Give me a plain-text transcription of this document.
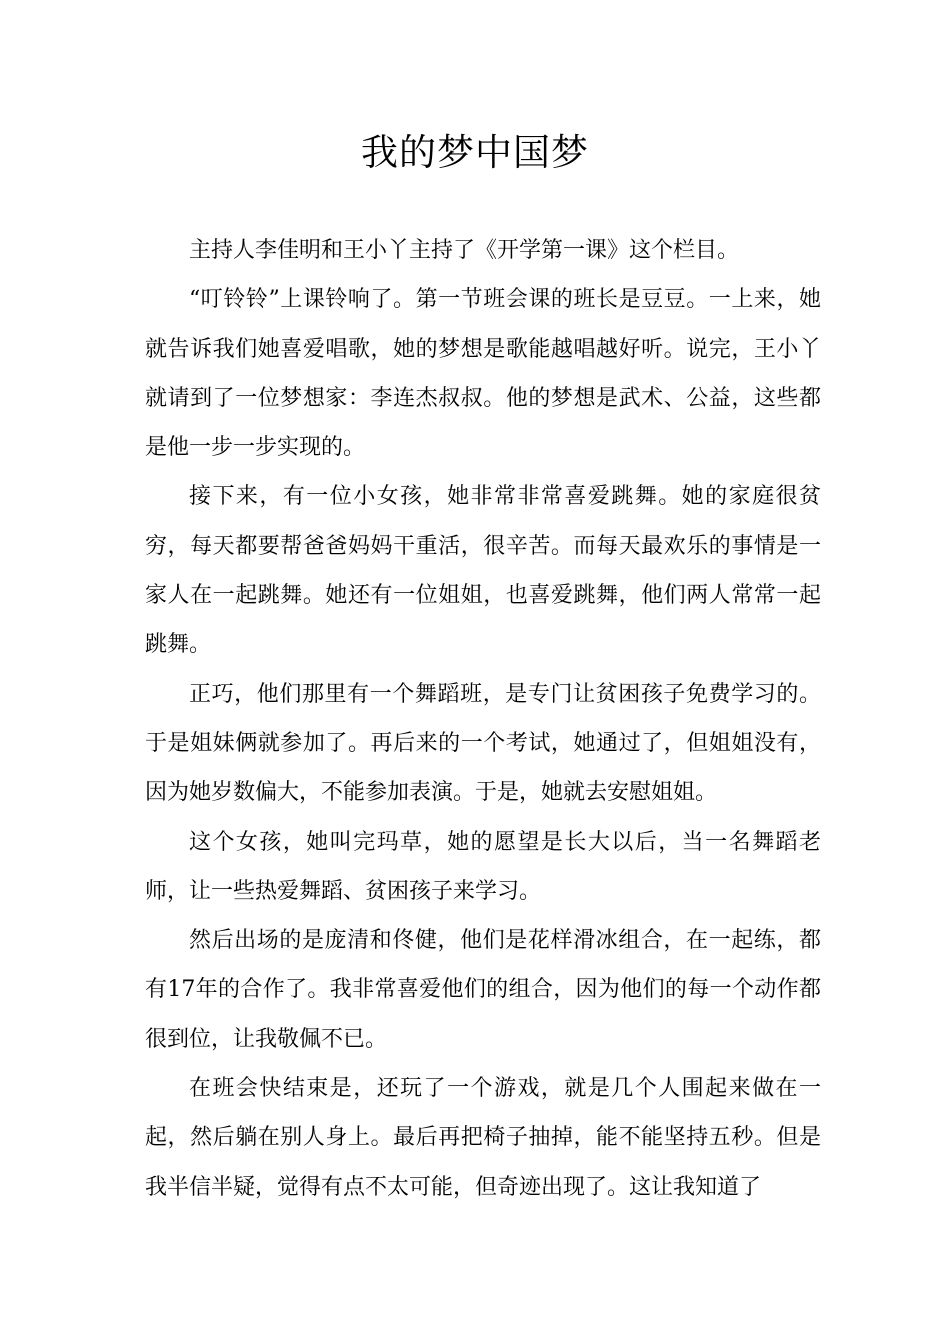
我的梦中国梦

主持人李佳明和王小丫主持了《开学第一课》这个栏目。

“叮铃铃”上课铃响了。第一节班会课的班长是豆豆。一上来，她就告诉我们她喜爱唱歌，她的梦想是歌能越唱越好听。说完，王小丫就请到了一位梦想家：李连杰叔叔。他的梦想是武术、公益，这些都是他一步一步实现的。

接下来，有一位小女孩，她非常非常喜爱跳舞。她的家庭很贫穷，每天都要帮爸爸妈妈干重活，很辛苦。而每天最欢乐的事情是一家人在一起跳舞。她还有一位姐姐，也喜爱跳舞，他们两人常常一起跳舞。

正巧，他们那里有一个舞蹈班，是专门让贫困孩子免费学习的。于是姐妹俩就参加了。再后来的一个考试，她通过了，但姐姐没有，因为她岁数偏大，不能参加表演。于是，她就去安慰姐姐。

这个女孩，她叫完玛草，她的愿望是长大以后，当一名舞蹈老师，让一些热爱舞蹈、贫困孩子来学习。

然后出场的是庞清和佟健，他们是花样滑冰组合，在一起练，都有17年的合作了。我非常喜爱他们的组合，因为他们的每一个动作都很到位，让我敬佩不已。

在班会快结束是，还玩了一个游戏，就是几个人围起来做在一起，然后躺在别人身上。最后再把椅子抽掉，能不能坚持五秒。但是我半信半疑，觉得有点不太可能，但奇迹出现了。这让我知道了
